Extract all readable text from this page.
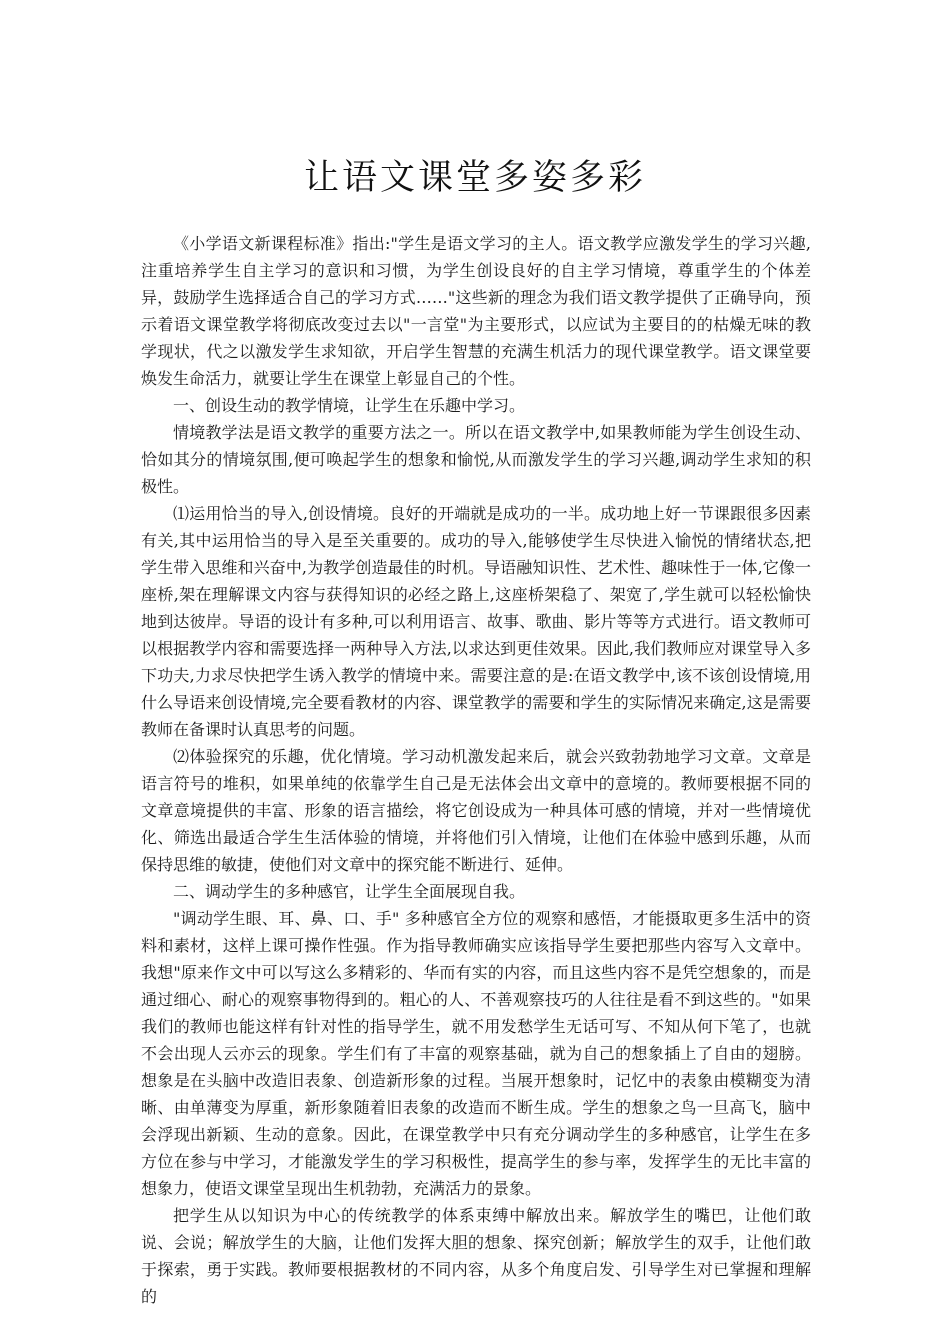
让语文课堂多姿多彩

《小学语文新课程标准》指出:"学生是语文学习的主人。语文教学应激发学生的学习兴趣,注重培养学生自主学习的意识和习惯，为学生创设良好的自主学习情境，尊重学生的个体差异，鼓励学生选择适合自己的学习方式……"这些新的理念为我们语文教学提供了正确导向，预示着语文课堂教学将彻底改变过去以"一言堂"为主要形式，以应试为主要目的的枯燥无味的教学现状，代之以激发学生求知欲，开启学生智慧的充满生机活力的现代课堂教学。语文课堂要焕发生命活力，就要让学生在课堂上彰显自己的个性。

一、创设生动的教学情境，让学生在乐趣中学习。

情境教学法是语文教学的重要方法之一。所以在语文教学中,如果教师能为学生创设生动、恰如其分的情境氛围,便可唤起学生的想象和愉悦,从而激发学生的学习兴趣,调动学生求知的积极性。

⑴运用恰当的导入,创设情境。良好的开端就是成功的一半。成功地上好一节课跟很多因素有关,其中运用恰当的导入是至关重要的。成功的导入,能够使学生尽快进入愉悦的情绪状态,把学生带入思维和兴奋中,为教学创造最佳的时机。导语融知识性、艺术性、趣味性于一体,它像一座桥,架在理解课文内容与获得知识的必经之路上,这座桥架稳了、架宽了,学生就可以轻松愉快地到达彼岸。导语的设计有多种,可以利用语言、故事、歌曲、影片等等方式进行。语文教师可以根据教学内容和需要选择一两种导入方法,以求达到更佳效果。因此,我们教师应对课堂导入多下功夫,力求尽快把学生诱入教学的情境中来。需要注意的是:在语文教学中,该不该创设情境,用什么导语来创设情境,完全要看教材的内容、课堂教学的需要和学生的实际情况来确定,这是需要教师在备课时认真思考的问题。

⑵体验探究的乐趣，优化情境。学习动机激发起来后，就会兴致勃勃地学习文章。文章是语言符号的堆积，如果单纯的依靠学生自己是无法体会出文章中的意境的。教师要根据不同的文章意境提供的丰富、形象的语言描绘，将它创设成为一种具体可感的情境，并对一些情境优化、筛选出最适合学生生活体验的情境，并将他们引入情境，让他们在体验中感到乐趣，从而保持思维的敏捷，使他们对文章中的探究能不断进行、延伸。

二、调动学生的多种感官，让学生全面展现自我。

"调动学生眼、耳、鼻、口、手" 多种感官全方位的观察和感悟，才能摄取更多生活中的资料和素材，这样上课可操作性强。作为指导教师确实应该指导学生要把那些内容写入文章中。我想"原来作文中可以写这么多精彩的、华而有实的内容，而且这些内容不是凭空想象的，而是通过细心、耐心的观察事物得到的。粗心的人、不善观察技巧的人往往是看不到这些的。"如果我们的教师也能这样有针对性的指导学生，就不用发愁学生无话可写、不知从何下笔了，也就不会出现人云亦云的现象。学生们有了丰富的观察基础，就为自己的想象插上了自由的翅膀。想象是在头脑中改造旧表象、创造新形象的过程。当展开想象时，记忆中的表象由模糊变为清晰、由单薄变为厚重，新形象随着旧表象的改造而不断生成。学生的想象之鸟一旦高飞，脑中会浮现出新颖、生动的意象。因此，在课堂教学中只有充分调动学生的多种感官，让学生在多方位在参与中学习，才能激发学生的学习积极性，提高学生的参与率，发挥学生的无比丰富的想象力，使语文课堂呈现出生机勃勃，充满活力的景象。

把学生从以知识为中心的传统教学的体系束缚中解放出来。解放学生的嘴巴，让他们敢说、会说；解放学生的大脑，让他们发挥大胆的想象、探究创新；解放学生的双手，让他们敢于探索，勇于实践。教师要根据教材的不同内容，从多个角度启发、引导学生对已掌握和理解的
